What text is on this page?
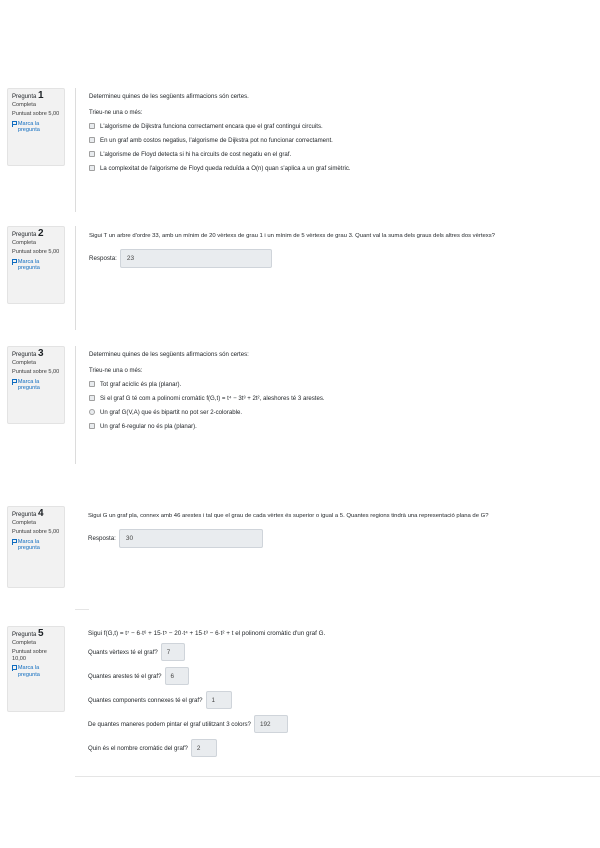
Pregunta 1
Completa
Puntuat sobre 5,00
Marca la pregunta
Determineu quines de les següents afirmacions són certes.
Trieu-ne una o més:
L'algorisme de Dijkstra funciona correctament encara que el graf contingui circuits.
En un graf amb costos negatius, l'algorisme de Dijkstra pot no funcionar correctament.
L'algorisme de Floyd detecta si hi ha circuits de cost negatiu en el graf.
La complexitat de l'algorisme de Floyd queda reduïda a O(n) quan s'aplica a un graf simètric.
Pregunta 2
Completa
Puntuat sobre 5,00
Marca la pregunta
Sigui T un arbre d'ordre 33, amb un mínim de 20 vèrtexs de grau 1 i un mínim de 5 vèrtexs de grau 3. Quant val la suma dels graus dels altres dos vèrtexs?
Resposta:	23
Pregunta 3
Completa
Puntuat sobre 5,00
Marca la pregunta
Determineu quines de les següents afirmacions són certes:
Trieu-ne una o més:
Tot graf acíclic és pla (planar).
Si el graf G té com a polinomi cromàtic f(G,t) = t⁴ − 3t³ + 2t², aleshores té 3 arestes.
Un graf G(V,A) que és bipartit no pot ser 2-colorable.
Un graf 6-regular no és pla (planar).
Pregunta 4
Completa
Puntuat sobre 5,00
Marca la pregunta
Sigui G un graf pla, connex amb 46 arestes i tal que el grau de cada vèrtex és superior o igual a 5. Quantes regions tindrà una representació plana de G?
Resposta:	30
Pregunta 5
Completa
Puntuat sobre 10,00
Marca la pregunta
Sigui f(G,t) = t⁷ − 6·t⁶ + 15·t⁵ − 20·t⁴ + 15·t³ − 6·t² + t el polinomi cromàtic d'un graf G.
Quants vèrtexs té el graf?	7
Quantes arestes té el graf?	6
Quantes components connexes té el graf?	1
De quantes maneres podem pintar el graf utilitzant 3 colors?	192
Quin és el nombre cromàtic del graf?	2
